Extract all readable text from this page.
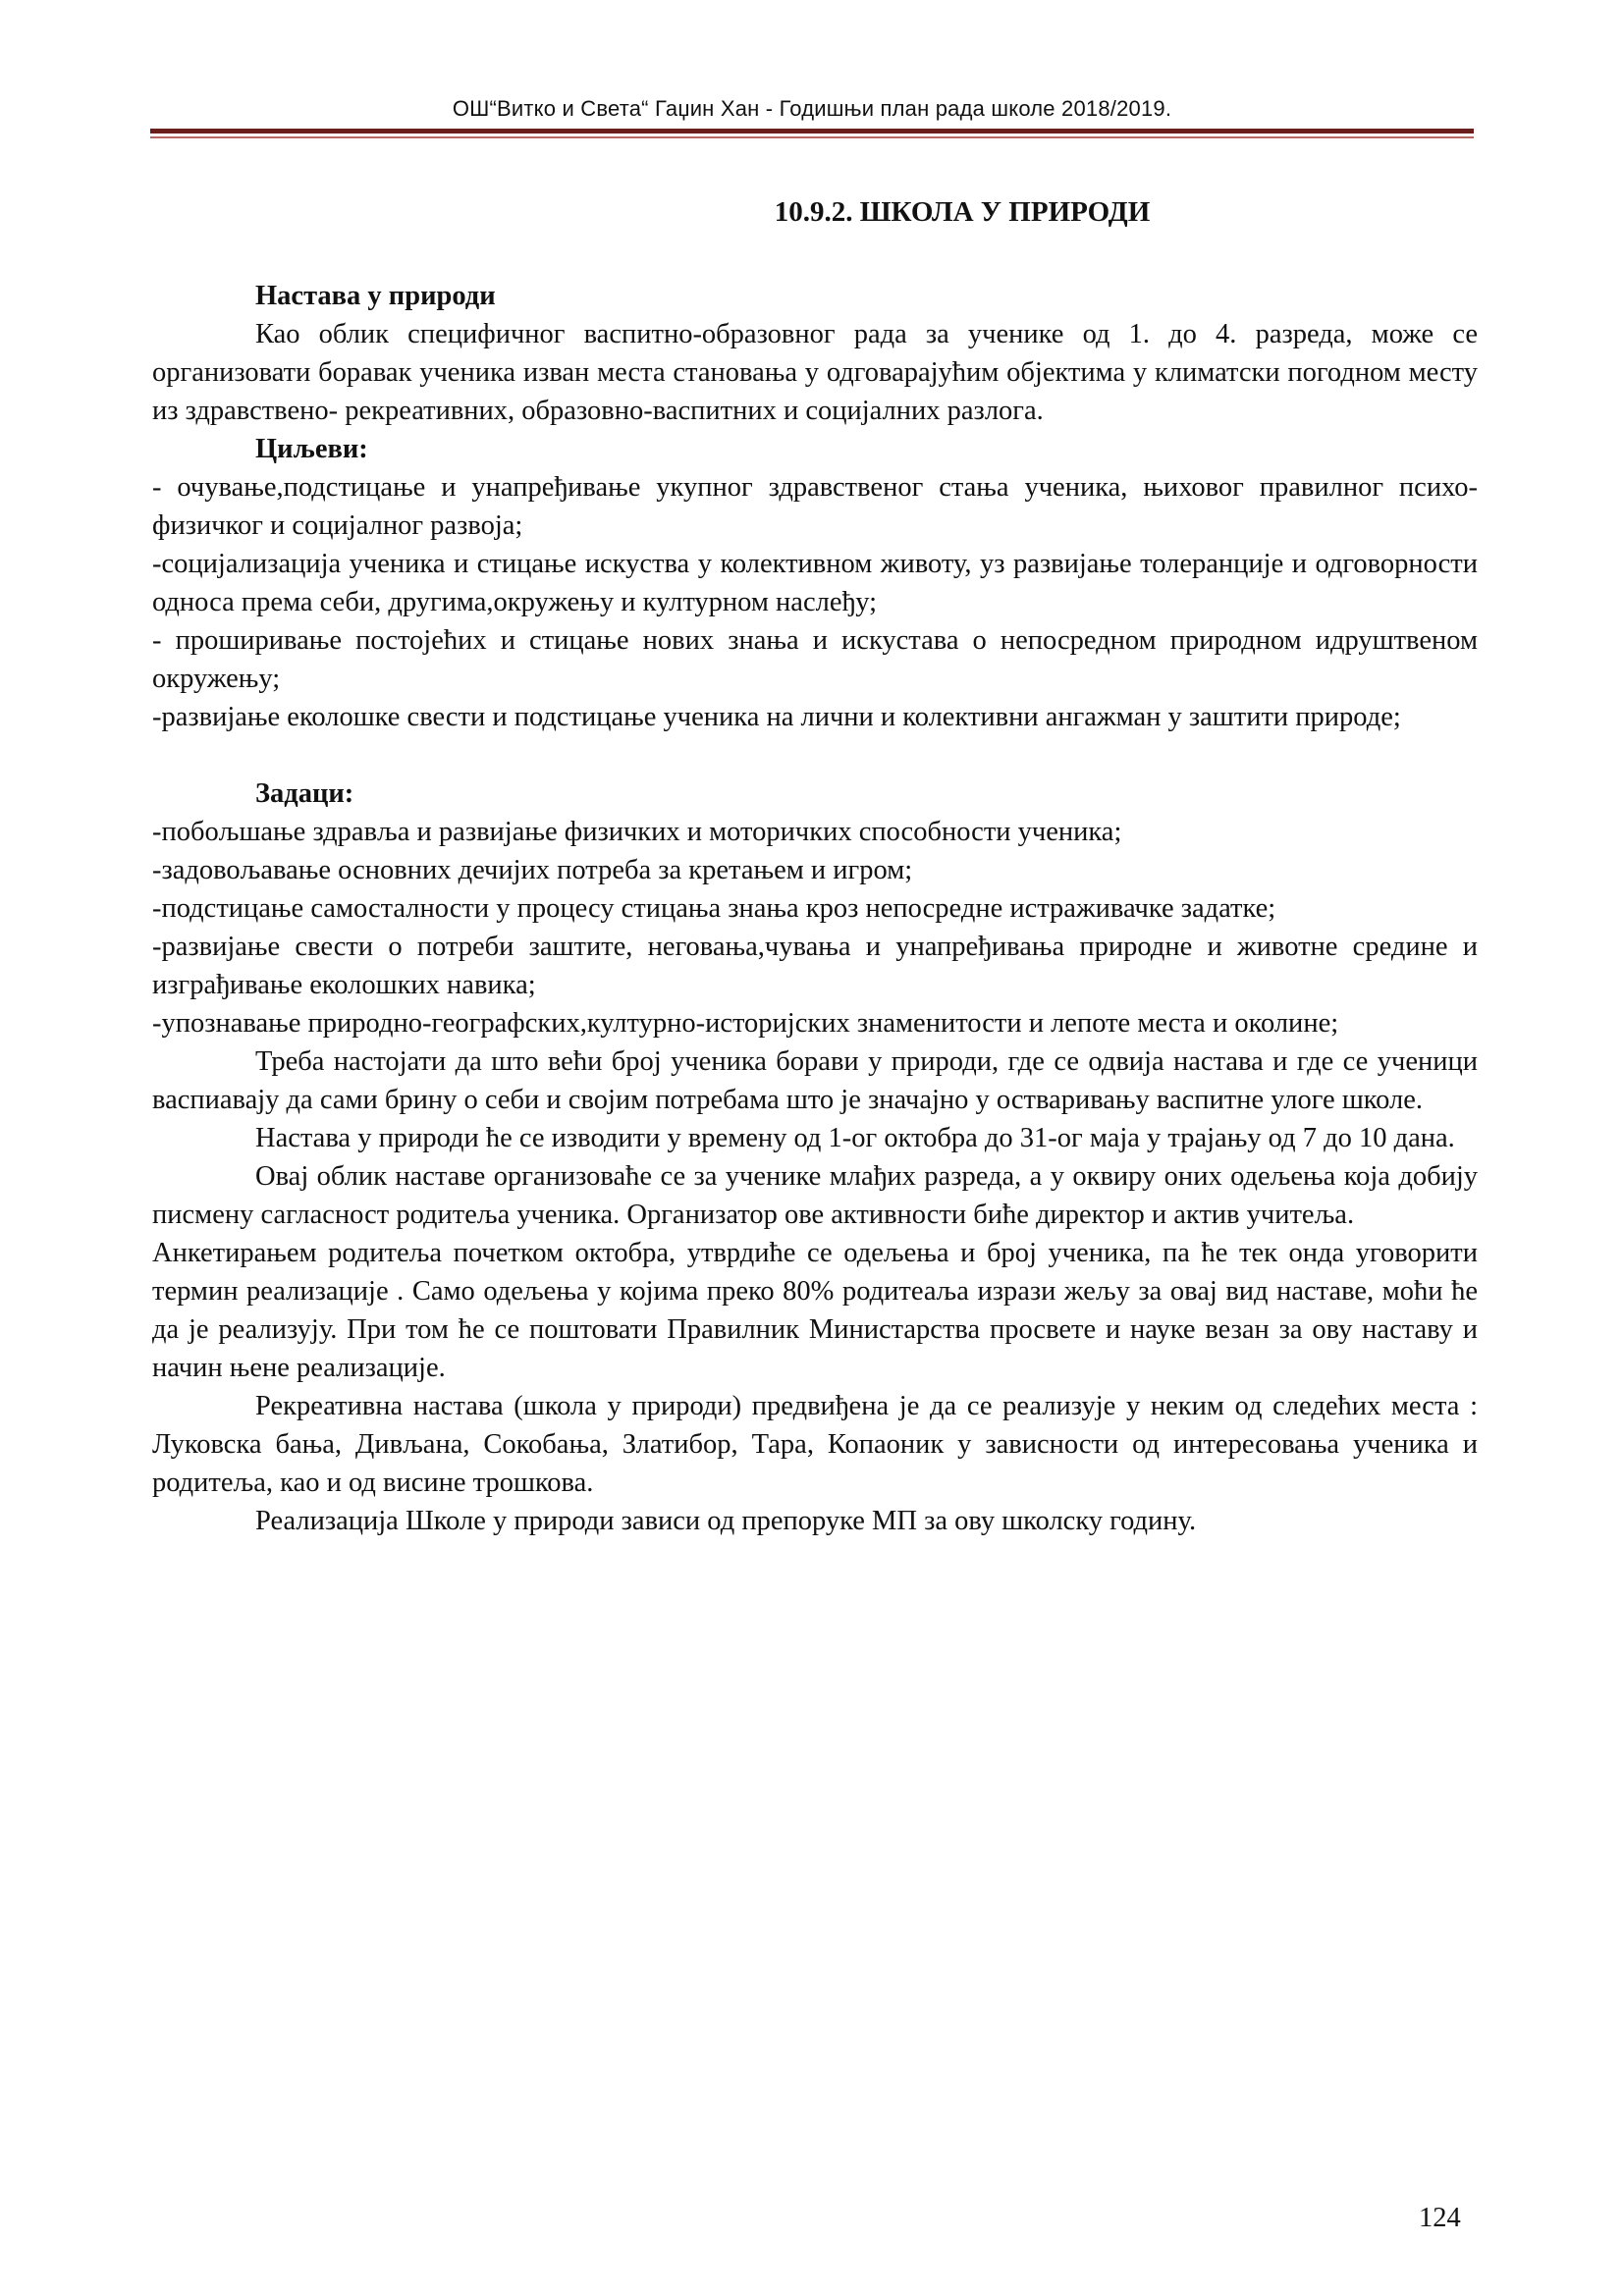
ОШ“Витко и Света“ Гаџин Хан - Годишњи план рада школе 2018/2019.
10.9.2. ШКОЛА У ПРИРОДИ
Настава у природи

Као облик специфичног васпитно-образовног рада за ученике од 1. до 4. разреда, може се организовати боравак ученика изван места становања у одговарајућим објектима у климатски погодном месту из здравствено- рекреативних, образовно-васпитних и социјалних разлога.

Циљеви:

- очување,подстицање и унапређивање укупног здравственог стања ученика, њиховог правилног психо-физичког и социјалног развоја;

-социјализација ученика и стицање искуства у колективном животу, уз развијање толеранције и одговорности односа према себи, другима,окружењу и културном наслеђу;

- проширивање постојећих и стицање нових знања и искустава о непосредном природном идруштвеном окружењу;

-развијање еколошке свести и подстицање ученика на лични и колективни ангажман у заштити природе;

Задаци:

-побољшање здравља и развијање физичких и моторичких способности ученика;

-задовољавање основних дечијих потреба за кретањем и игром;

-подстицање самосталности у процесу стицања знања кроз непосредне истраживачке задатке;

-развијање свести о потреби заштите, неговања,чувања и унапређивања природне и животне средине и изграђивање еколошких навика;

-упознавање природно-географских,културно-историјских знаменитости и лепоте места и околине;

Треба настојати да што већи број ученика борави у природи, где се одвија настава и где се ученици васпиавају да сами брину о себи и својим потребама што је значајно у остваривању васпитне улоге школе.

Настава у природи ће се изводити у времену од 1-ог октобра до 31-ог маја у трајању од 7 до 10 дана.

Овај облик наставе организоваће се за ученике млађих разреда, а у оквиру оних одељења која добију писмену сагласност родитеља ученика. Организатор ове активности биће директор и актив учитеља.

Анкетирањем родитеља почетком октобра, утврдиће се одељења и број ученика, па ће тек онда уговорити термин реализације . Само одељења у којима преко 80% родитеаља изрази жељу за овај вид наставе, моћи ће да је реализују. При том ће се поштовати Правилник Министарства просвете и науке везан за ову наставу и начин њене реализације.

Рекреативна настава (школа у природи) предвиђена је да се реализује у неким од следећих места : Луковска бања, Дивљана, Сокобања, Златибор, Тара, Копаоник у зависности од интересовања ученика и родитеља, као и од висине трошкова.

Реализација Школе у природи зависи од препоруке МП за ову школску годину.

124
